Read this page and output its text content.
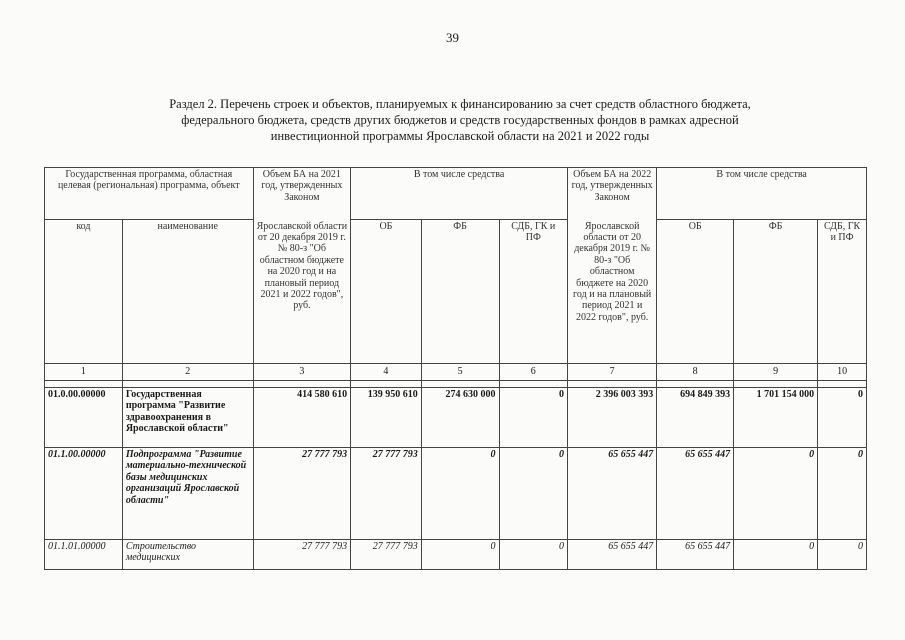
39
Раздел 2. Перечень строек и объектов, планируемых к финансированию за счет средств областного бюджета,
федерального бюджета, средств других бюджетов и средств государственных фондов в рамках адресной
инвестиционной программы Ярославской области на 2021 и 2022 годы
Государственная программа, областная целевая (региональная) программа, объект		Объем БА на 2021 год, утвержденных Законом	В том числе средства			Объем БА на 2022 год, утвержденных Законом	В том числе средства		
код	наименование	Ярославской области от 20 декабря 2019 г. № 80-з "Об областном бюджете на 2020 год и на плановый период 2021 и 2022 годов", руб.	ОБ	ФБ	СДБ, ГК и ПФ	Ярославской области от 20 декабря 2019 г. № 80-з "Об областном бюджете на 2020 год и на плановый период 2021 и 2022 годов", руб.	ОБ	ФБ	СДБ, ГК и ПФ
1	2	3	4	5	6	7	8	9	10

01.0.00.00000	Государственная программа "Развитие здравоохранения в Ярославской области"	414 580 610	139 950 610	274 630 000	0	2 396 003 393	694 849 393	1 701 154 000	0
01.1.00.00000	Подпрограмма "Развитие материально-технической базы медицинских организаций Ярославской области"	27 777 793	27 777 793	0	0	65 655 447	65 655 447	0	0
01.1.01.00000	Строительство медицинских	27 777 793	27 777 793	0	0	65 655 447	65 655 447	0	0
